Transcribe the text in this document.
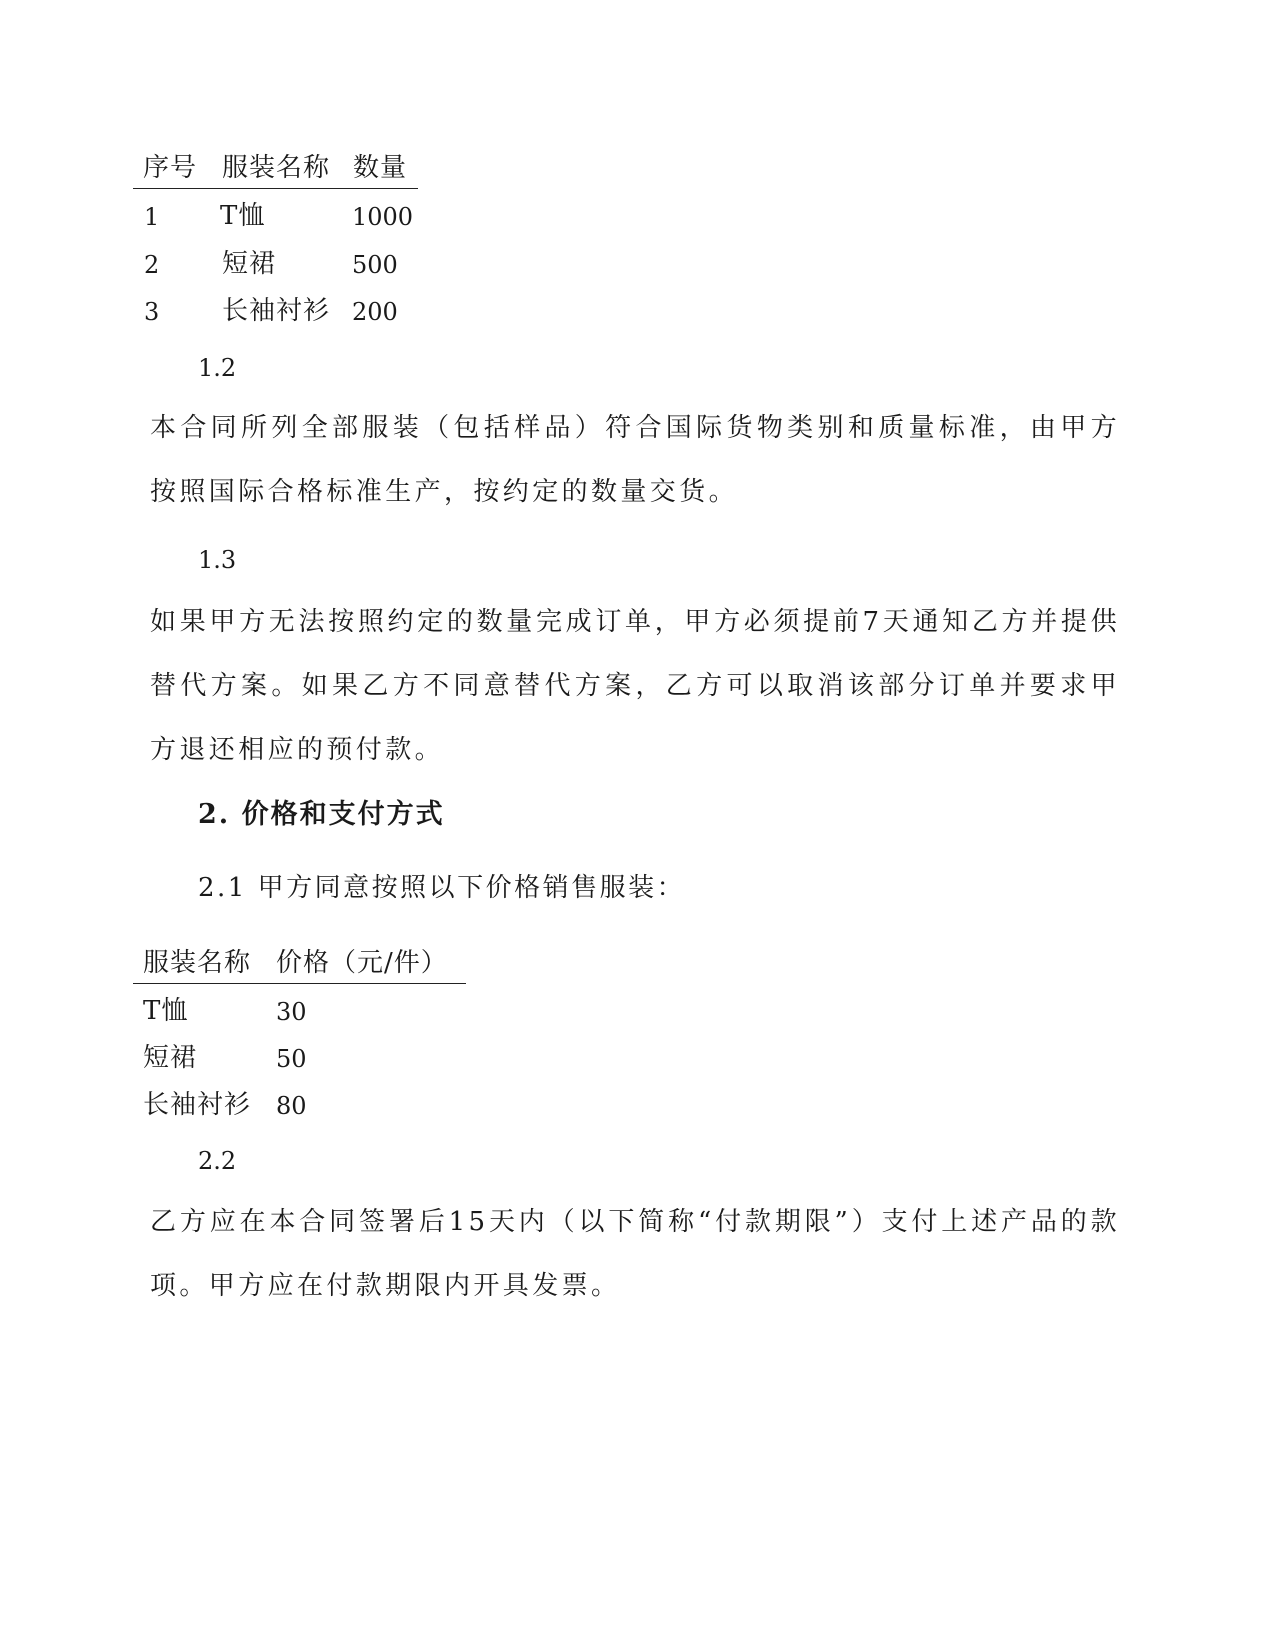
序号 服装名称 数量
1 T恤	1000
2 短裙	500
3 长袖衬衫 200
1.2
本合同所列全部服装（包括样品）符合国际货物类别和质量标准，由甲方按照国际合格标准生产，按约定的数量交货。
1.3
如果甲方无法按照约定的数量完成订单，甲方必须提前7天通知乙方并提供替代方案。如果乙方不同意替代方案，乙方可以取消该部分订单并要求甲方退还相应的预付款。
2. 价格和支付方式
2.1 甲方同意按照以下价格销售服装：
服装名称 价格（元/件）
T恤	30
短裙	50
长袖衬衫 80
2.2
乙方应在本合同签署后15天内（以下简称“付款期限”）支付上述产品的款项。甲方应在付款期限内开具发票。
